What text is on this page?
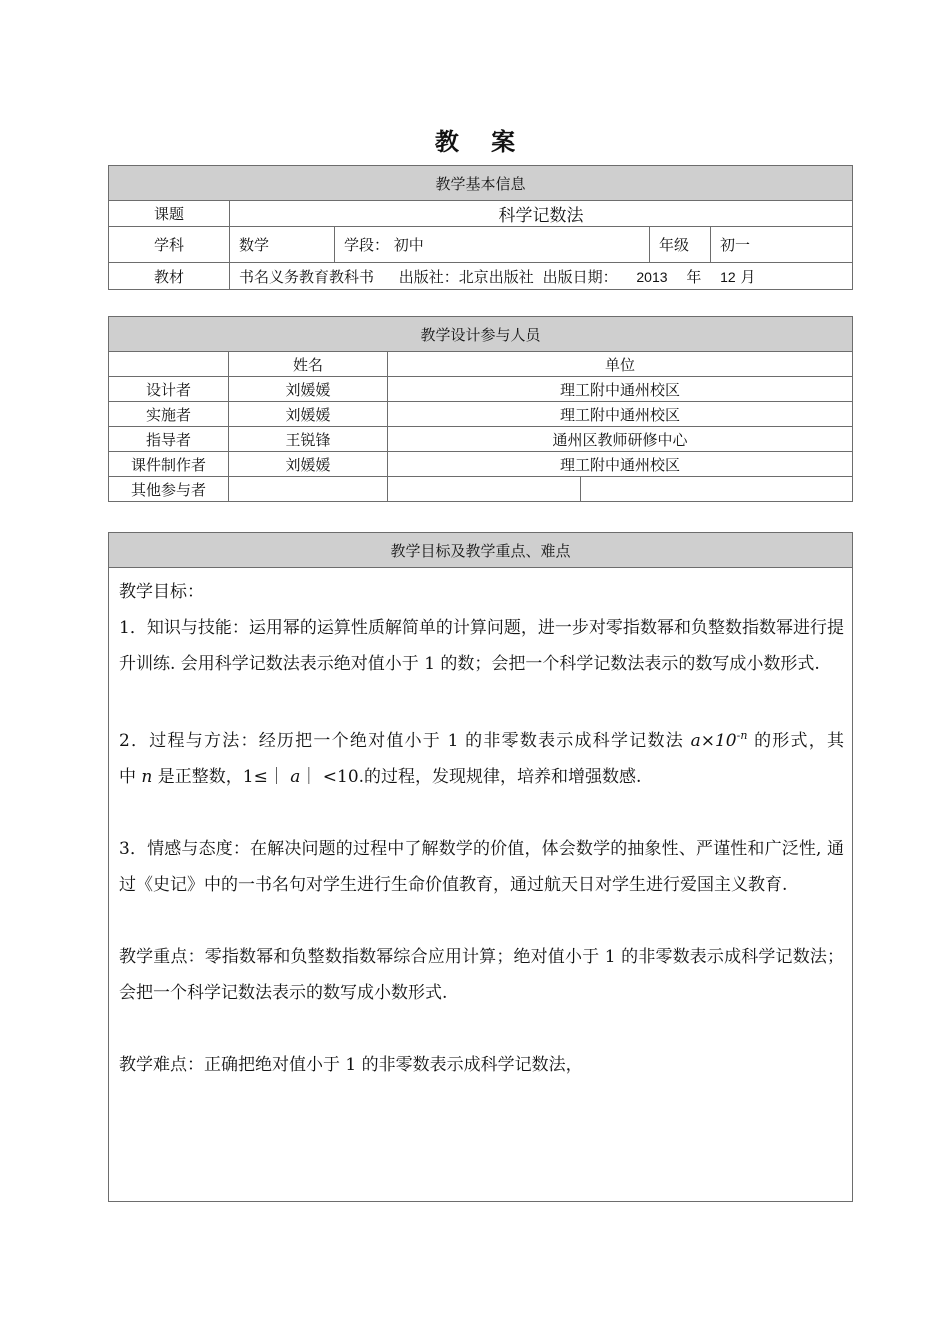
教 案
教学基本信息				
课题	科学记数法			
学科	数学	学段： 初中	年级	初一
教材	书名义务教育教科书 出版社：北京出版社 出版日期： 2013 年 12 月			
教学设计参与人员			
	姓名	单位	
设计者	刘媛媛	理工附中通州校区	
实施者	刘媛媛	理工附中通州校区	
指导者	王锐锋	通州区教师研修中心	
课件制作者	刘媛媛	理工附中通州校区	
其他参与者			
教学目标及教学重点、难点

教学目标：

1．知识与技能：运用幂的运算性质解简单的计算问题，进一步对零指数幂和负整数指数幂进行提升训练. 会用科学记数法表示绝对值小于 1 的数；会把一个科学记数法表示的数写成小数形式.

2．过程与方法：经历把一个绝对值小于 1 的非零数表示成科学记数法 $a\times 10^{-n}$ 的形式，其中 n 是正整数，1≤｜ a｜ <10.的过程，发现规律，培养和增强数感.

3．情感与态度：在解决问题的过程中了解数学的价值，体会数学的抽象性、严谨性和广泛性, 通过《史记》中的一书名句对学生进行生命价值教育，通过航天日对学生进行爱国主义教育.

教学重点：零指数幂和负整数指数幂综合应用计算；绝对值小于 1 的非零数表示成科学记数法；会把一个科学记数法表示的数写成小数形式.

教学难点：正确把绝对值小于 1 的非零数表示成科学记数法，
